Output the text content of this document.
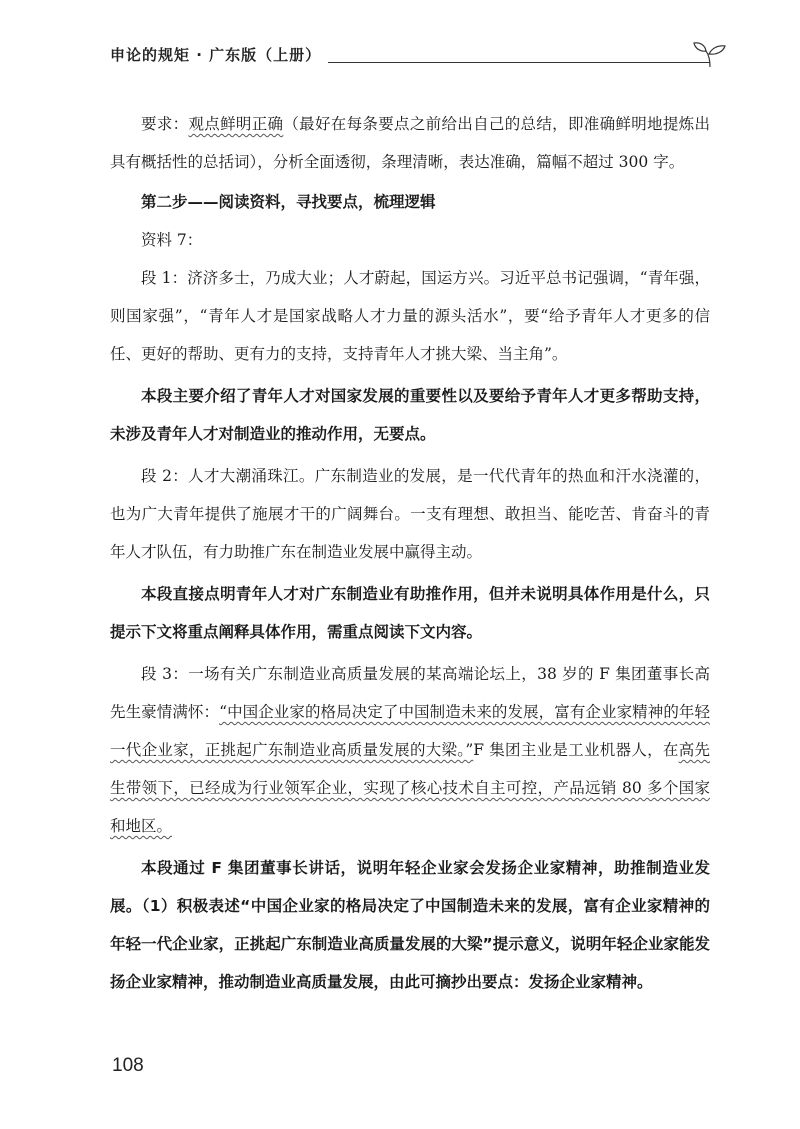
申论的规矩 · 广东版（上册）

要求：观点鲜明正确（最好在每条要点之前给出自己的总结，即准确鲜明地提炼出具有概括性的总括词），分析全面透彻，条理清晰，表达准确，篇幅不超过 300 字。

第二步——阅读资料，寻找要点，梳理逻辑

资料 7：

段 1：济济多士，乃成大业；人才蔚起，国运方兴。习近平总书记强调，“青年强，则国家强”，“青年人才是国家战略人才力量的源头活水”，要“给予青年人才更多的信任、更好的帮助、更有力的支持，支持青年人才挑大梁、当主角”。

本段主要介绍了青年人才对国家发展的重要性以及要给予青年人才更多帮助支持，未涉及青年人才对制造业的推动作用，无要点。

段 2：人才大潮涌珠江。广东制造业的发展，是一代代青年的热血和汗水浇灌的，也为广大青年提供了施展才干的广阔舞台。一支有理想、敢担当、能吃苦、肯奋斗的青年人才队伍，有力助推广东在制造业发展中赢得主动。

本段直接点明青年人才对广东制造业有助推作用，但并未说明具体作用是什么，只提示下文将重点阐释具体作用，需重点阅读下文内容。

段 3：一场有关广东制造业高质量发展的某高端论坛上，38 岁的 F 集团董事长高先生豪情满怀：“中国企业家的格局决定了中国制造未来的发展，富有企业家精神的年轻一代企业家，正挑起广东制造业高质量发展的大梁。”F 集团主业是工业机器人，在高先生带领下，已经成为行业领军企业，实现了核心技术自主可控，产品远销 80 多个国家和地区。

本段通过 F 集团董事长讲话，说明年轻企业家会发扬企业家精神，助推制造业发展。（1）积极表述“中国企业家的格局决定了中国制造未来的发展，富有企业家精神的年轻一代企业家，正挑起广东制造业高质量发展的大梁”提示意义，说明年轻企业家能发扬企业家精神，推动制造业高质量发展，由此可摘抄出要点：发扬企业家精神。

108
